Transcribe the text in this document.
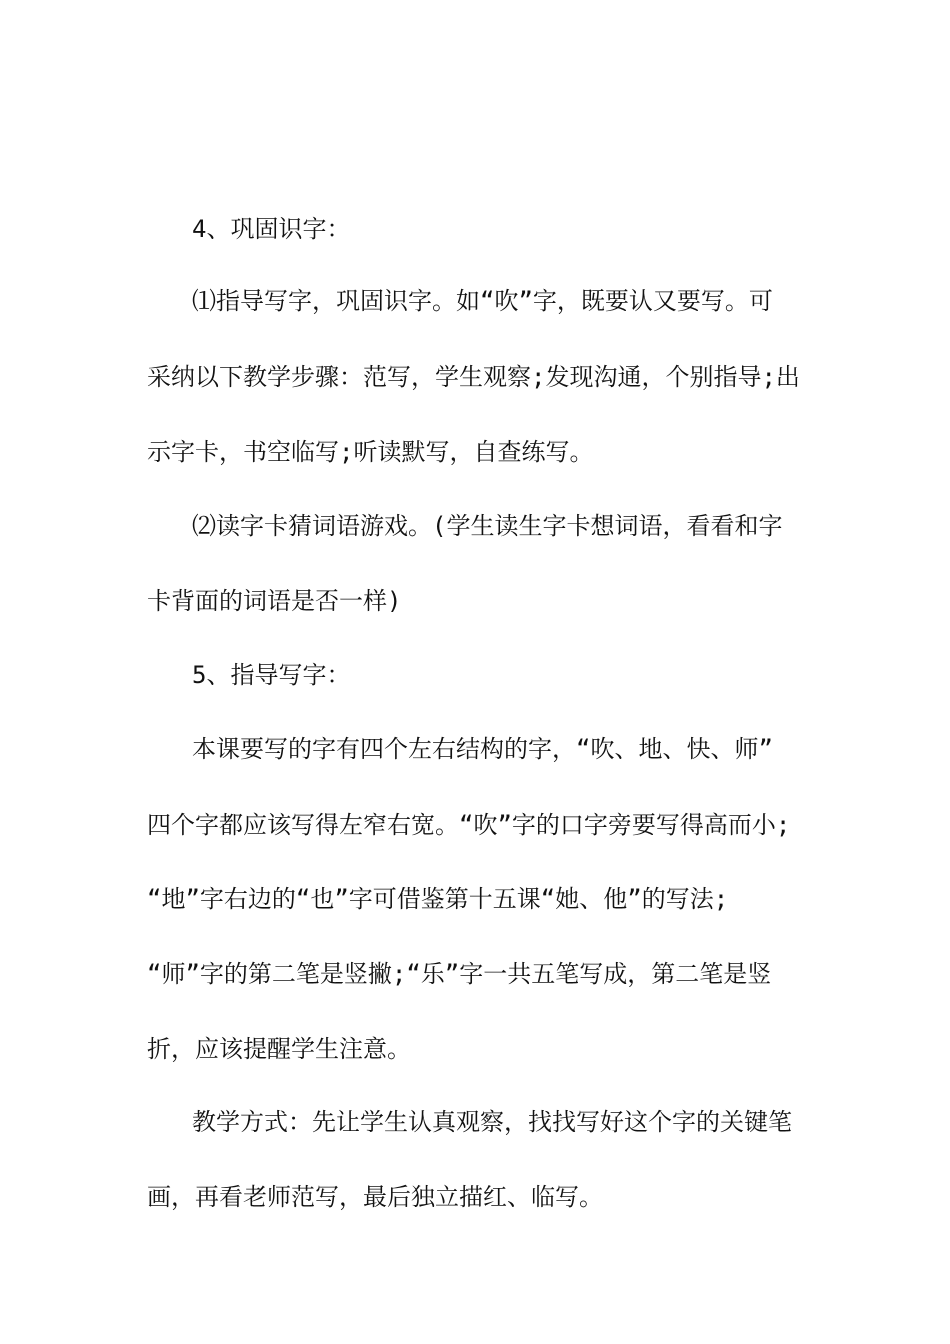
4、巩固识字：
⑴指导写字，巩固识字。如“吹”字，既要认又要写。可
采纳以下教学步骤：范写，学生观察;发现沟通，个别指导;出
示字卡，书空临写;听读默写，自查练写。
⑵读字卡猜词语游戏。(学生读生字卡想词语，看看和字
卡背面的词语是否一样)
5、指导写字：
本课要写的字有四个左右结构的字，“吹、地、快、师”
四个字都应该写得左窄右宽。“吹”字的口字旁要写得高而小;
“地”字右边的“也”字可借鉴第十五课“她、他”的写法;
“师”字的第二笔是竖撇;“乐”字一共五笔写成，第二笔是竖
折，应该提醒学生注意。
教学方式：先让学生认真观察，找找写好这个字的关键笔
画，再看老师范写，最后独立描红、临写。
